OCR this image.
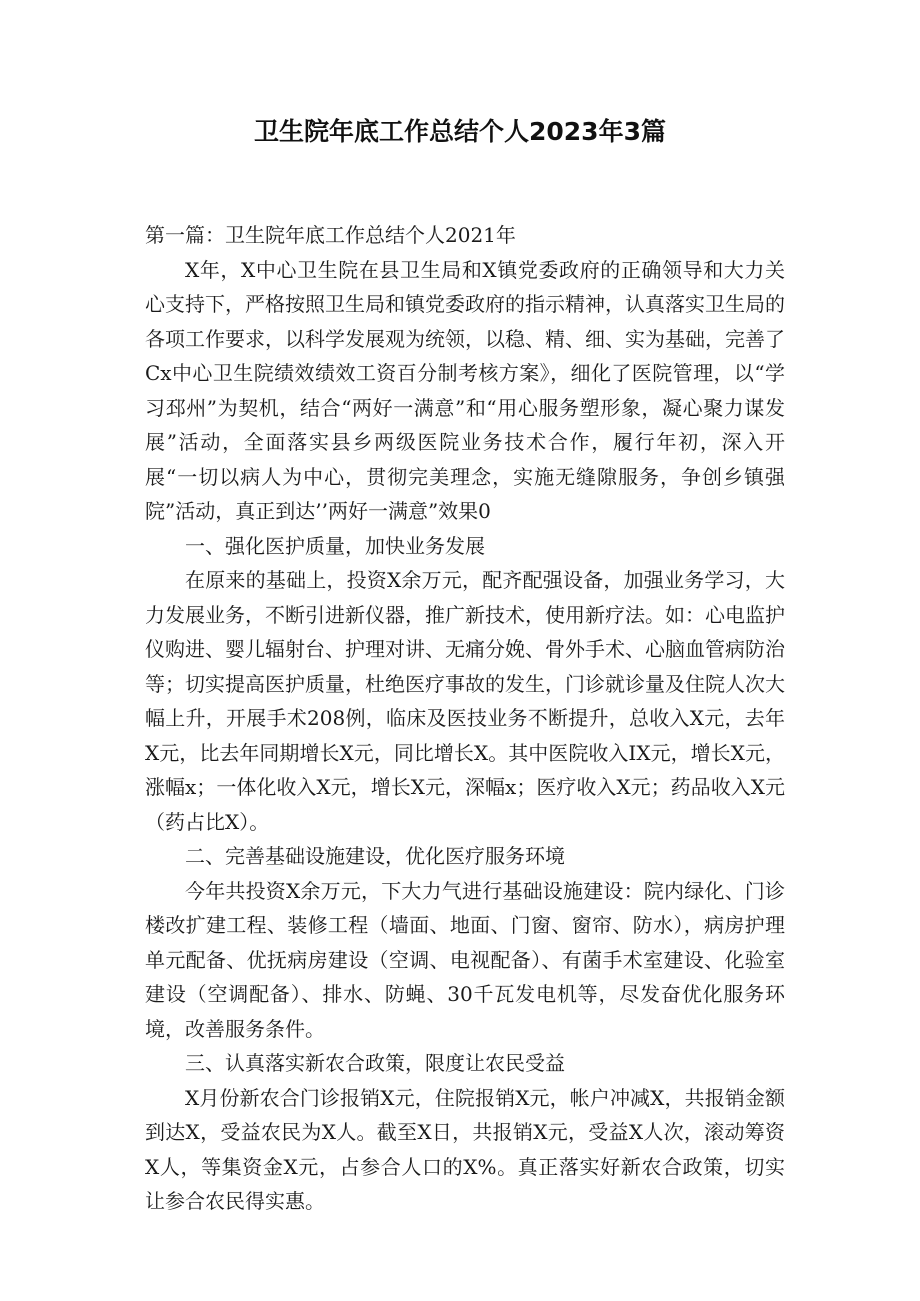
卫生院年底工作总结个人2023年3篇

第一篇：卫生院年底工作总结个人2021年

X年，X中心卫生院在县卫生局和X镇党委政府的正确领导和大力关心支持下，严格按照卫生局和镇党委政府的指示精神，认真落实卫生局的各项工作要求，以科学发展观为统领，以稳、精、细、实为基础，完善了Cx中心卫生院绩效绩效工资百分制考核方案》，细化了医院管理，以“学习邳州”为契机，结合“两好一满意”和“用心服务塑形象，凝心聚力谋发展”活动，全面落实县乡两级医院业务技术合作，履行年初，深入开展“一切以病人为中心，贯彻完美理念，实施无缝隙服务，争创乡镇强院”活动，真正到达’’两好一满意”效果0

一、强化医护质量，加快业务发展

在原来的基础上，投资X余万元，配齐配强设备，加强业务学习，大力发展业务，不断引进新仪器，推广新技术，使用新疗法。如：心电监护仪购进、婴儿辐射台、护理对讲、无痛分娩、骨外手术、心脑血管病防治等；切实提高医护质量，杜绝医疗事故的发生，门诊就诊量及住院人次大幅上升，开展手术208例，临床及医技业务不断提升，总收入X元，去年X元，比去年同期增长X元，同比增长X。其中医院收入IX元，增长X元，涨幅x；一体化收入X元，增长X元，深幅x；医疗收入X元；药品收入X元（药占比X）。

二、完善基础设施建设，优化医疗服务环境

今年共投资X余万元，下大力气进行基础设施建设：院内绿化、门诊楼改扩建工程、装修工程（墙面、地面、门窗、窗帘、防水），病房护理单元配备、优抚病房建设（空调、电视配备）、有菌手术室建设、化验室建设（空调配备）、排水、防蝇、30千瓦发电机等，尽发奋优化服务环境，改善服务条件。

三、认真落实新农合政策，限度让农民受益

X月份新农合门诊报销X元，住院报销X元，帐户冲减X，共报销金额到达X，受益农民为X人。截至X日，共报销X元，受益X人次，滚动筹资X人，等集资金X元，占参合人口的X%。真正落实好新农合政策，切实让参合农民得实惠。
